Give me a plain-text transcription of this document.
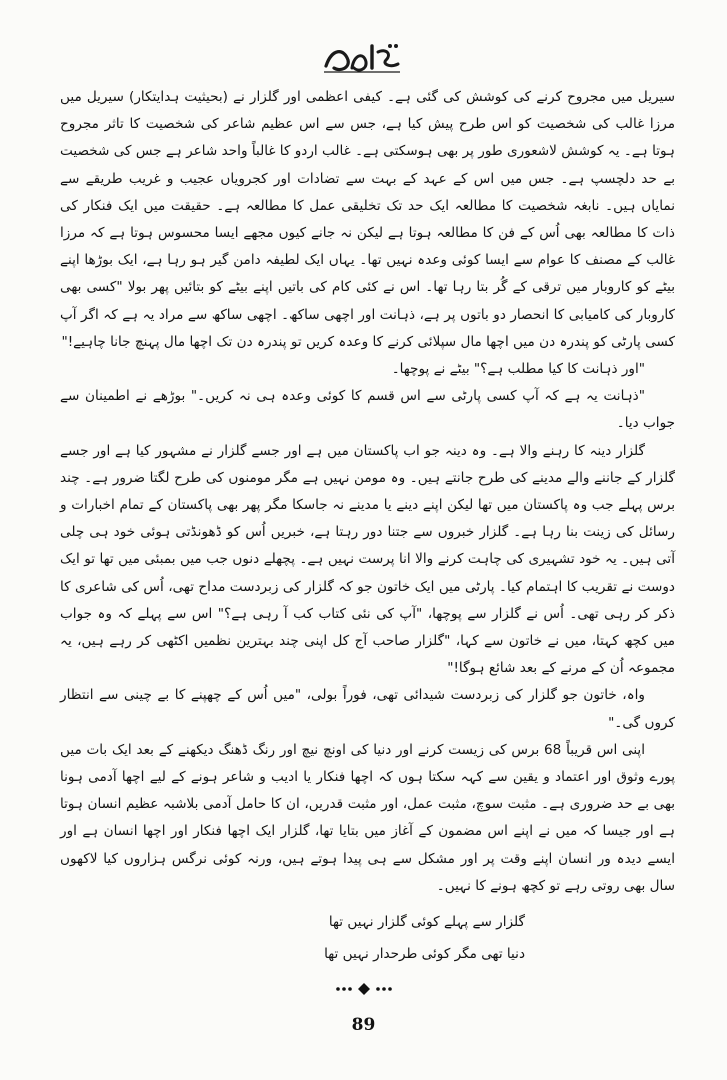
سیریل میں مجروح کرنے کی کوشش کی گئی ہے۔ کیفی اعظمی اور گلزار نے (بحیثیت ہدایتکار) سیریل میں مرزا غالب کی شخصیت کو اس طرح پیش کیا ہے، جس سے اس عظیم شاعر کی شخصیت کا تاثر مجروح ہوتا ہے۔ یہ کوشش لاشعوری طور پر بھی ہوسکتی ہے۔ غالب اردو کا غالباً واحد شاعر ہے جس کی شخصیت بے حد دلچسپ ہے۔ جس میں اس کے عہد کے بہت سے تضادات اور کجرویاں عجیب و غریب طریقے سے نمایاں ہیں۔ نابغہ شخصیت کا مطالعہ ایک حد تک تخلیقی عمل کا مطالعہ ہے۔ حقیقت میں ایک فنکار کی ذات کا مطالعہ بھی اُس کے فن کا مطالعہ ہوتا ہے لیکن نہ جانے کیوں مجھے ایسا محسوس ہوتا ہے کہ مرزا غالب کے مصنف کا عوام سے ایسا کوئی وعدہ نہیں تھا۔ یہاں ایک لطیفہ دامن گیر ہو رہا ہے، ایک بوڑھا اپنے بیٹے کو کاروبار میں ترقی کے گُر بتا رہا تھا۔ اس نے کئی کام کی باتیں اپنے بیٹے کو بتائیں پھر بولا "کسی بھی کاروبار کی کامیابی کا انحصار دو باتوں پر ہے، ذہانت اور اچھی ساکھ۔ اچھی ساکھ سے مراد یہ ہے کہ اگر آپ کسی پارٹی کو پندرہ دن میں اچھا مال سپلائی کرنے کا وعدہ کریں تو پندرہ دن تک اچھا مال پہنچ جانا چاہیے!"

"اور ذہانت کا کیا مطلب ہے؟" بیٹے نے پوچھا۔

"ذہانت یہ ہے کہ آپ کسی پارٹی سے اس قسم کا کوئی وعدہ ہی نہ کریں۔" بوڑھے نے اطمینان سے جواب دیا۔

گلزار دینہ کا رہنے والا ہے۔ وہ دینہ جو اب پاکستان میں ہے اور جسے گلزار نے مشہور کیا ہے اور جسے گلزار کے جاننے والے مدینے کی طرح جانتے ہیں۔ وہ مومن نہیں ہے مگر مومنوں کی طرح لگتا ضرور ہے۔ چند برس پہلے جب وہ پاکستان میں تھا لیکن اپنے دینے یا مدینے نہ جاسکا مگر پھر بھی پاکستان کے تمام اخبارات و رسائل کی زینت بنا رہا ہے۔ گلزار خبروں سے جتنا دور رہتا ہے، خبریں اُس کو ڈھونڈتی ہوئی خود ہی چلی آتی ہیں۔ یہ خود تشہیری کی چاہت کرنے والا انا پرست نہیں ہے۔ پچھلے دنوں جب میں بمبئی میں تھا تو ایک دوست نے تقریب کا اہتمام کیا۔ پارٹی میں ایک خاتون جو کہ گلزار کی زبردست مداح تھی، اُس کی شاعری کا ذکر کر رہی تھی۔ اُس نے گلزار سے پوچھا، "آپ کی نئی کتاب کب آ رہی ہے؟" اس سے پہلے کہ وہ جواب میں کچھ کہتا، میں نے خاتون سے کہا، "گلزار صاحب آج کل اپنی چند بہترین نظمیں اکٹھی کر رہے ہیں، یہ مجموعہ اُن کے مرنے کے بعد شائع ہوگا!"

واہ، خاتون جو گلزار کی زبردست شیدائی تھی، فوراً بولی، "میں اُس کے چھپنے کا بے چینی سے انتظار کروں گی۔"

اپنی اس قریباً 68 برس کی زیست کرنے اور دنیا کی اونچ نیچ اور رنگ ڈھنگ دیکھنے کے بعد ایک بات میں پورے وثوق اور اعتماد و یقین سے کہہ سکتا ہوں کہ اچھا فنکار یا ادیب و شاعر ہونے کے لیے اچھا آدمی ہونا بھی بے حد ضروری ہے۔ مثبت سوچ، مثبت عمل، اور مثبت قدریں، ان کا حامل آدمی بلاشبہ عظیم انسان ہوتا ہے اور جیسا کہ میں نے اپنے اس مضمون کے آغاز میں بتایا تھا، گلزار ایک اچھا فنکار اور اچھا انسان ہے اور ایسے دیدہ ور انسان اپنے وقت پر اور مشکل سے ہی پیدا ہوتے ہیں، ورنہ کوئی نرگس ہزاروں کیا لاکھوں سال بھی روتی رہے تو کچھ ہونے کا نہیں۔

گلزار سے پہلے کوئی گلزار نہیں تھا
دنیا تھی مگر کوئی طرحدار نہیں تھا
89
